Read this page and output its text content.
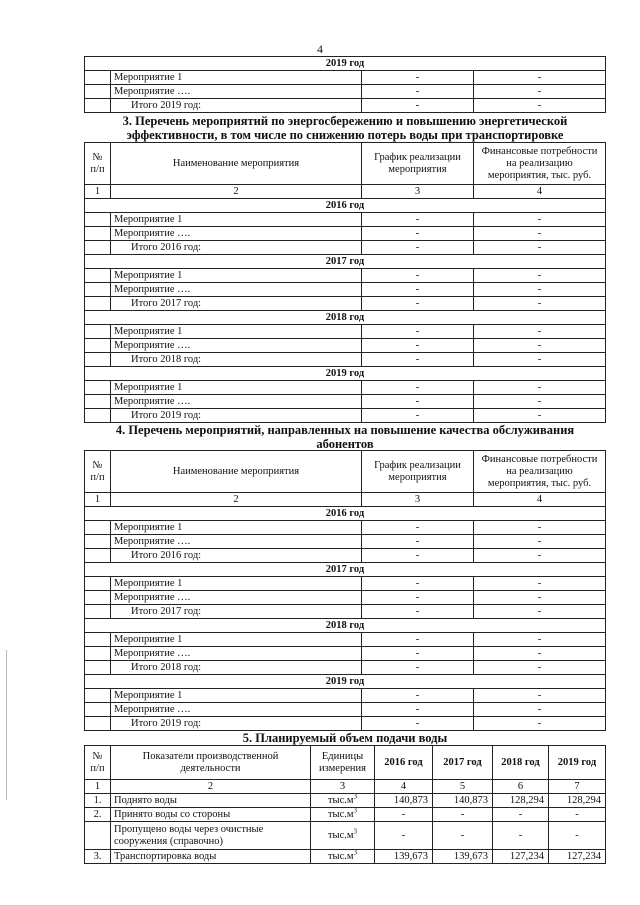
4
2019 год			
	Мероприятие 1	-	-
	Мероприятие ….	-	-
	Итого 2019 год:	-	-
3. Перечень мероприятий по энергосбережению и повышению энергетической
эффективности, в том числе по снижению потерь воды при транспортировке
№ п/п	Наименование мероприятия	График реализации мероприятия	Финансовые потребности на реализацию мероприятия, тыс. руб.
1	2	3	4
2016 год			
	Мероприятие 1	-	-
	Мероприятие ….	-	-
	Итого 2016 год:	-	-
2017 год			
	Мероприятие 1	-	-
	Мероприятие ….	-	-
	Итого 2017 год:	-	-
2018 год			
	Мероприятие 1	-	-
	Мероприятие ….	-	-
	Итого 2018 год:	-	-
2019 год			
	Мероприятие 1	-	-
	Мероприятие ….	-	-
	Итого 2019 год:	-	-
4. Перечень мероприятий, направленных на повышение качества обслуживания
абонентов
№ п/п	Наименование мероприятия	График реализации мероприятия	Финансовые потребности на реализацию мероприятия, тыс. руб.
1	2	3	4
2016 год			
	Мероприятие 1	-	-
	Мероприятие ….	-	-
	Итого 2016 год:	-	-
2017 год			
	Мероприятие 1	-	-
	Мероприятие ….	-	-
	Итого 2017 год:	-	-
2018 год			
	Мероприятие 1	-	-
	Мероприятие ….	-	-
	Итого 2018 год:	-	-
2019 год			
	Мероприятие 1	-	-
	Мероприятие ….	-	-
	Итого 2019 год:	-	-
5. Планируемый объем подачи воды
№ п/п	Показатели производственной деятельности	Единицы измерения	2016 год	2017 год	2018 год	2019 год
1	2	3	4	5	6	7
1.	Поднято воды	$тыс.м^3$	140,873	140,873	128,294	128,294
2.	Принято воды со стороны	$тыс.м^3$	-	-	-	-
	Пропущено воды через очистные сооружения (справочно)	$тыс.м^3$	-	-	-	-
3.	Транспортировка воды	$тыс.м^3$	139,673	139,673	127,234	127,234
